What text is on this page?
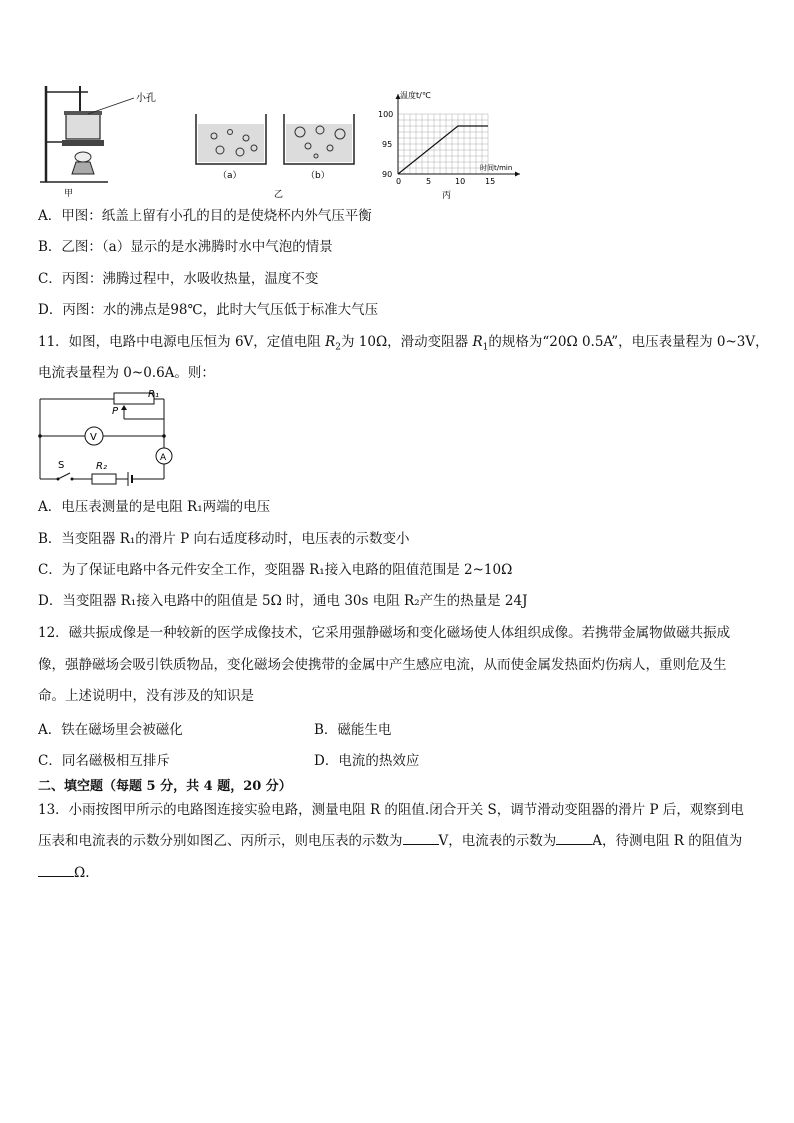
小孔
甲
（a）	（b）
乙
温度t/℃
时间t/min
100
95
90
0	5	10 15
丙
A．甲图：纸盖上留有小孔的目的是使烧杯内外气压平衡
B．乙图：（a）显示的是水沸腾时水中气泡的情景
C．丙图：沸腾过程中，水吸收热量，温度不变
D．丙图：水的沸点是98℃，此时大气压低于标准大气压
11．如图，电路中电源电压恒为 6V，定值电阻 $R_2$为 10Ω，滑动变阻器 $R_1$的规格为“20Ω 0.5A”，电压表量程为 0~3V，
电流表量程为 0~0.6A。则：
R₁
P
V
A
S	R₂
A．电压表测量的是电阻 R₁两端的电压
B．当变阻器 R₁的滑片 P 向右适度移动时，电压表的示数变小
C．为了保证电路中各元件安全工作，变阻器 R₁接入电路的阻值范围是 2~10Ω
D．当变阻器 R₁接入电路中的阻值是 5Ω 时，通电 30s 电阻 R₂产生的热量是 24J
12．磁共振成像是一种较新的医学成像技术，它采用强静磁场和变化磁场使人体组织成像。若携带金属物做磁共振成
像，强静磁场会吸引铁质物品，变化磁场会使携带的金属中产生感应电流，从而使金属发热面灼伤病人，重则危及生
命。上述说明中，没有涉及的知识是
A．铁在磁场里会被磁化	B．磁能生电
C．同名磁极相互排斥	D．电流的热效应
二、填空题（每题 5 分，共 4 题，20 分）
13．小雨按图甲所示的电路图连接实验电路，测量电阻 R 的阻值.闭合开关 S，调节滑动变阻器的滑片 P 后，观察到电
压表和电流表的示数分别如图乙、丙所示，则电压表的示数为	V，电流表的示数为	A，待测电阻 R 的阻值为
Ω.
